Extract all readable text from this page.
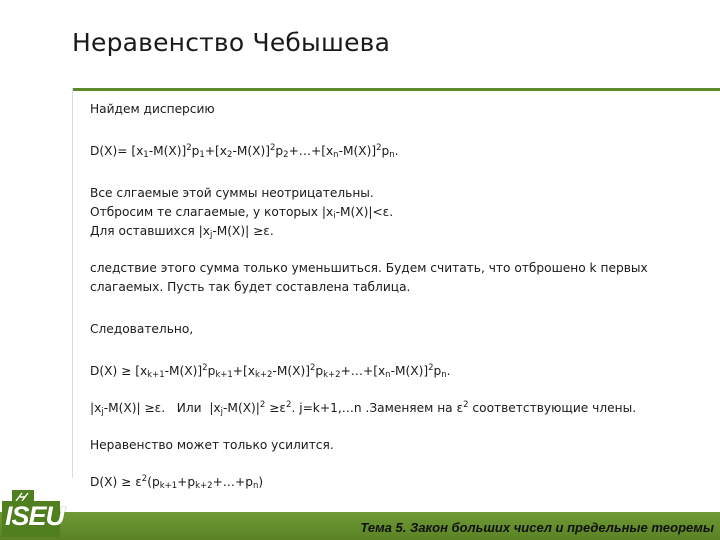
Неравенство Чебышева

Найдем дисперсию

$D(X)= [x_1-M(X)]^2p_1+[x_2-M(X)]^2p_2+\dots+[x_n-M(X)]^2p_n$.

Все слгаемые этой суммы неотрицательны.

Отбросим те слагаемые, у которых $|x_i-M(X)|<\varepsilon$.

Для оставшихся $|x_j-M(X)| \ge\varepsilon$.

следствие этого сумма только уменьшиться. Будем считать, что отброшено k первых

слагаемых. Пусть так будет составлена таблица.

Следовательно,

$D(X) \ge [x_{k+1}-M(X)]^2p_{k+1}+[x_{k+2}-M(X)]^2p_{k+2}+\dots+[x_n-M(X)]^2p_n$.

$|x_j-M(X)| \ge\varepsilon$.   Или  $|x_j-M(X)|^2 \ge\varepsilon^2$. j=k+1,…n .Заменяем на $\varepsilon^2$ соответствующие члены.

Неравенство может только усилится.

$D(X) \ge \varepsilon^2(p_{k+1}+p_{k+2}+\dots+p_n)$

Тема 5. Закон больших чисел и предельные теоремы
ISEU
